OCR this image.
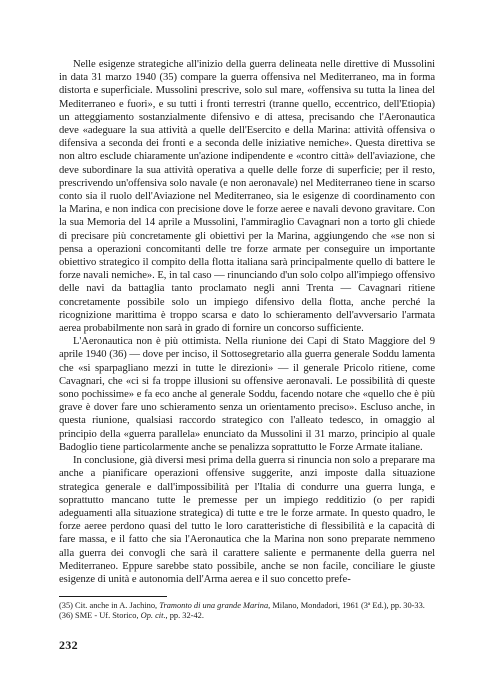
Nelle esigenze strategiche all'inizio della guerra delineata nelle direttive di Mussolini in data 31 marzo 1940 (35) compare la guerra offensiva nel Mediterraneo, ma in forma distorta e superficiale. Mussolini prescrive, solo sul mare, «offensiva su tutta la linea del Mediterraneo e fuori», e su tutti i fronti terrestri (tranne quello, eccentrico, dell'Etiopia) un atteggiamento sostanzialmente difensivo e di attesa, precisando che l'Aeronautica deve «adeguare la sua attività a quelle dell'Esercito e della Marina: attività offensiva o difensiva a seconda dei fronti e a seconda delle iniziative nemiche». Questa direttiva se non altro esclude chiaramente un'azione indipendente e «contro città» dell'aviazione, che deve subordinare la sua attività operativa a quelle delle forze di superficie; per il resto, prescrivendo un'offensiva solo navale (e non aeronavale) nel Mediterraneo tiene in scarso conto sia il ruolo dell'Aviazione nel Mediterraneo, sia le esigenze di coordinamento con la Marina, e non indica con precisione dove le forze aeree e navali devono gravitare. Con la sua Memoria del 14 aprile a Mussolini, l'ammiraglio Cavagnari non a torto gli chiede di precisare più concretamente gli obiettivi per la Marina, aggiungendo che «se non si pensa a operazioni concomitanti delle tre forze armate per conseguire un importante obiettivo strategico il compito della flotta italiana sarà principalmente quello di battere le forze navali nemiche». E, in tal caso — rinunciando d'un solo colpo all'impiego offensivo delle navi da battaglia tanto proclamato negli anni Trenta — Cavagnari ritiene concretamente possibile solo un impiego difensivo della flotta, anche perché la ricognizione marittima è troppo scarsa e dato lo schieramento dell'avversario l'armata aerea probabilmente non sarà in grado di fornire un concorso sufficiente.

L'Aeronautica non è più ottimista. Nella riunione dei Capi di Stato Maggiore del 9 aprile 1940 (36) — dove per inciso, il Sottosegretario alla guerra generale Soddu lamenta che «si sparpagliano mezzi in tutte le direzioni» — il generale Pricolo ritiene, come Cavagnari, che «ci si fa troppe illusioni su offensive aeronavali. Le possibilità di queste sono pochissime» e fa eco anche al generale Soddu, facendo notare che «quello che è più grave è dover fare uno schieramento senza un orientamento preciso». Escluso anche, in questa riunione, qualsiasi raccordo strategico con l'alleato tedesco, in omaggio al principio della «guerra parallela» enunciato da Mussolini il 31 marzo, principio al quale Badoglio tiene particolarmente anche se penalizza soprattutto le Forze Armate italiane.

In conclusione, già diversi mesi prima della guerra si rinuncia non solo a preparare ma anche a pianificare operazioni offensive suggerite, anzi imposte dalla situazione strategica generale e dall'impossibilità per l'Italia di condurre una guerra lunga, e soprattutto mancano tutte le premesse per un impiego redditizio (o per rapidi adeguamenti alla situazione strategica) di tutte e tre le forze armate. In questo quadro, le forze aeree perdono quasi del tutto le loro caratteristiche di flessibilità e la capacità di fare massa, e il fatto che sia l'Aeronautica che la Marina non sono preparate nemmeno alla guerra dei convogli che sarà il carattere saliente e permanente della guerra nel Mediterraneo. Eppure sarebbe stato possibile, anche se non facile, conciliare le giuste esigenze di unità e autonomia dell'Arma aerea e il suo concetto prefe-

(35) Cit. anche in A. Jachino, Tramonto di una grande Marina, Milano, Mondadori, 1961 (3ª Ed.), pp. 30-33.

(36) SME - Uf. Storico, Op. cit., pp. 32-42.

232
